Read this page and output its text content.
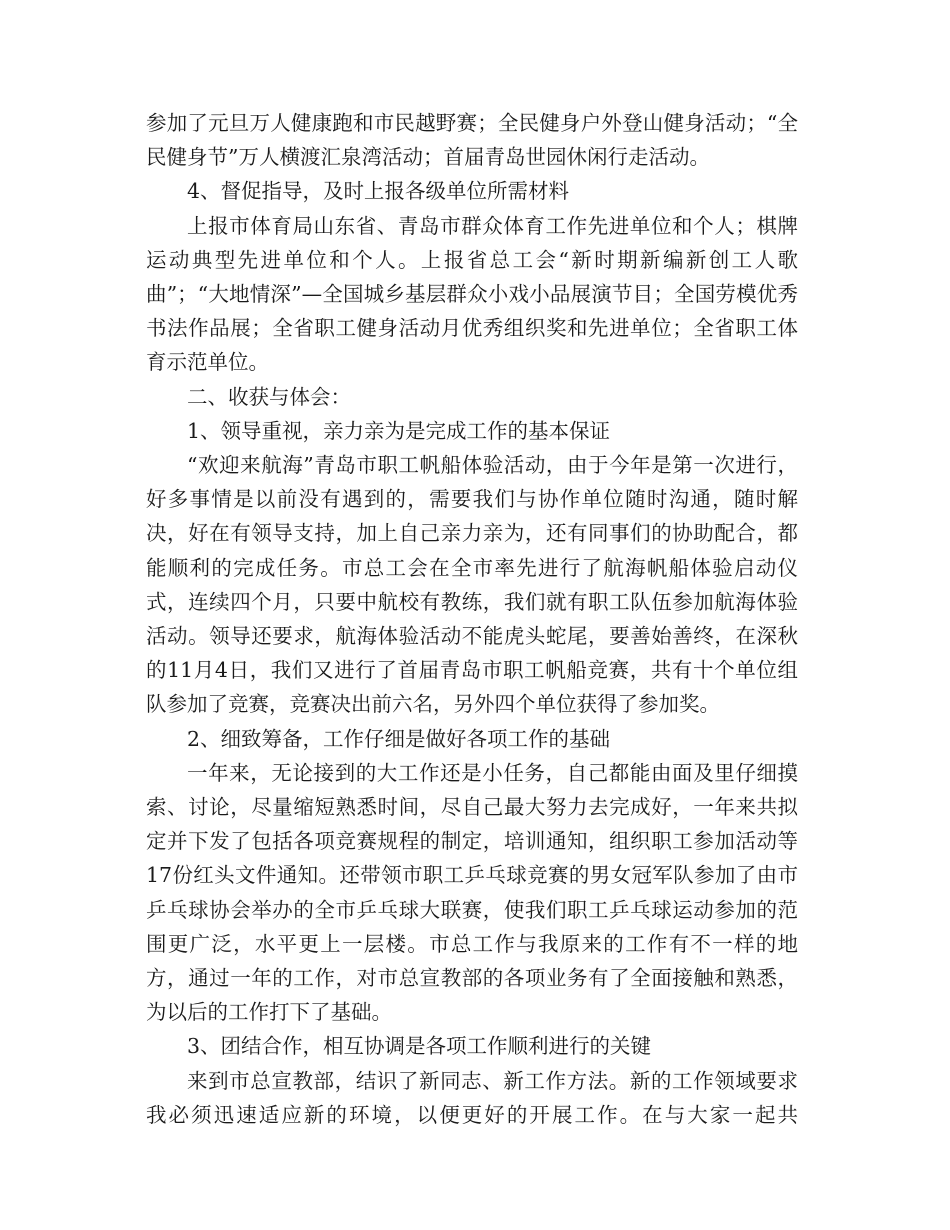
参加了元旦万人健康跑和市民越野赛；全民健身户外登山健身活动；“全民健身节”万人横渡汇泉湾活动；首届青岛世园休闲行走活动。

4、督促指导，及时上报各级单位所需材料

上报市体育局山东省、青岛市群众体育工作先进单位和个人；棋牌运动典型先进单位和个人。上报省总工会“新时期新编新创工人歌曲”；“大地情深”—全国城乡基层群众小戏小品展演节目；全国劳模优秀书法作品展；全省职工健身活动月优秀组织奖和先进单位；全省职工体育示范单位。

二、收获与体会：

1、领导重视，亲力亲为是完成工作的基本保证

“欢迎来航海”青岛市职工帆船体验活动，由于今年是第一次进行，好多事情是以前没有遇到的，需要我们与协作单位随时沟通，随时解决，好在有领导支持，加上自己亲力亲为，还有同事们的协助配合，都能顺利的完成任务。市总工会在全市率先进行了航海帆船体验启动仪式，连续四个月，只要中航校有教练，我们就有职工队伍参加航海体验活动。领导还要求，航海体验活动不能虎头蛇尾，要善始善终，在深秋的11月4日，我们又进行了首届青岛市职工帆船竞赛，共有十个单位组队参加了竞赛，竞赛决出前六名，另外四个单位获得了参加奖。

2、细致筹备，工作仔细是做好各项工作的基础

一年来，无论接到的大工作还是小任务，自己都能由面及里仔细摸索、讨论，尽量缩短熟悉时间，尽自己最大努力去完成好，一年来共拟定并下发了包括各项竞赛规程的制定，培训通知，组织职工参加活动等17份红头文件通知。还带领市职工乒乓球竞赛的男女冠军队参加了由市乒乓球协会举办的全市乒乓球大联赛，使我们职工乒乓球运动参加的范围更广泛，水平更上一层楼。市总工作与我原来的工作有不一样的地方，通过一年的工作，对市总宣教部的各项业务有了全面接触和熟悉，为以后的工作打下了基础。

3、团结合作，相互协调是各项工作顺利进行的关键

来到市总宣教部，结识了新同志、新工作方法。新的工作领域要求我必须迅速适应新的环境，以便更好的开展工作。在与大家一起共
